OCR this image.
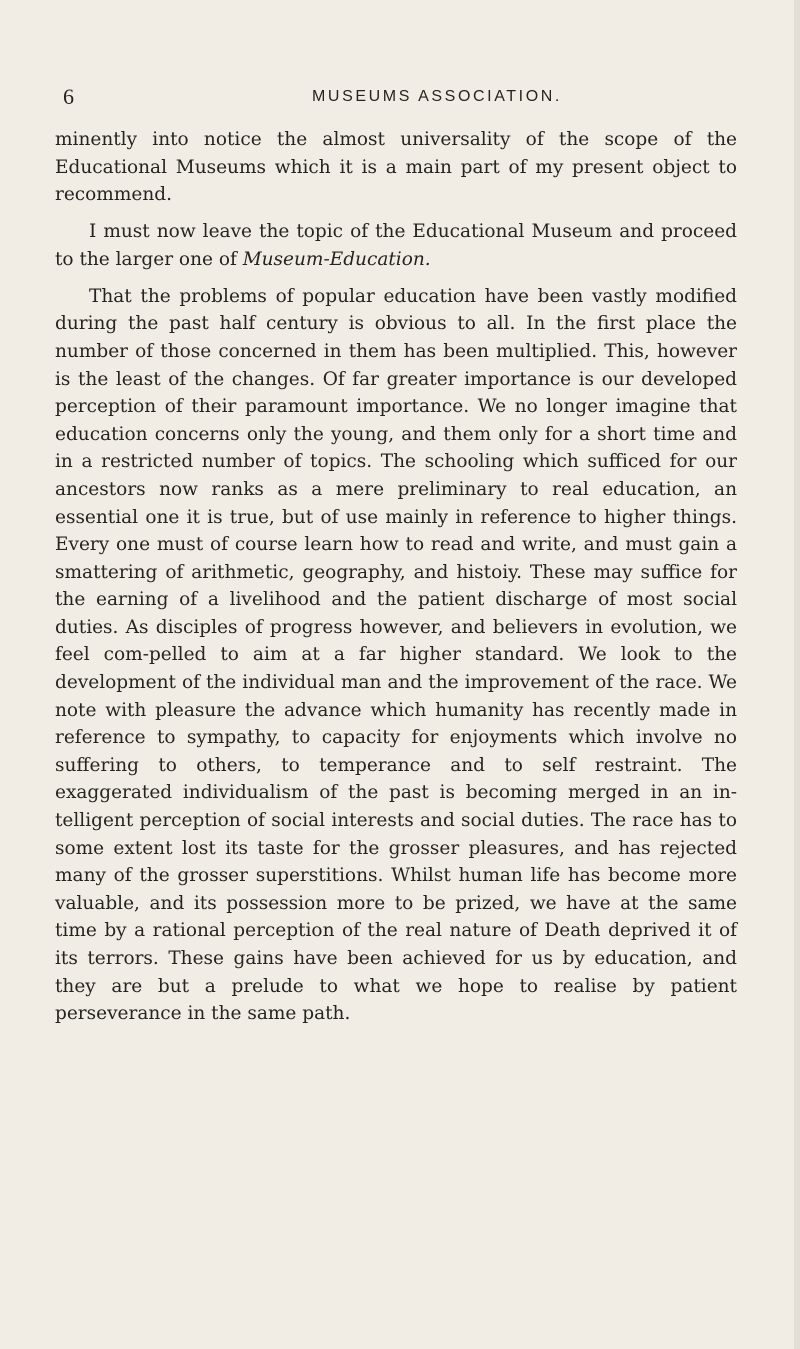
6	MUSEUMS ASSOCIATION.

minently into notice the almost universality of the scope of the Educational Museums which it is a main part of my present object to recommend.

I must now leave the topic of the Educational Museum and proceed to the larger one of Museum-Education.

That the problems of popular education have been vastly modified during the past half century is obvious to all. In the first place the number of those concerned in them has been multiplied. This, however is the least of the changes. Of far greater importance is our developed perception of their paramount importance. We no longer imagine that education concerns only the young, and them only for a short time and in a restricted number of topics. The schooling which sufficed for our ancestors now ranks as a mere preliminary to real education, an essential one it is true, but of use mainly in reference to higher things. Every one must of course learn how to read and write, and must gain a smattering of arithmetic, geography, and histoiy. These may suffice for the earning of a livelihood and the patient discharge of most social duties. As disciples of progress however, and believers in evolution, we feel com-pelled to aim at a far higher standard. We look to the development of the individual man and the improvement of the race. We note with pleasure the advance which humanity has recently made in reference to sympathy, to capacity for enjoyments which involve no suffering to others, to temperance and to self restraint. The exaggerated individualism of the past is becoming merged in an in-telligent perception of social interests and social duties. The race has to some extent lost its taste for the grosser pleasures, and has rejected many of the grosser superstitions. Whilst human life has become more valuable, and its possession more to be prized, we have at the same time by a rational perception of the real nature of Death deprived it of its terrors. These gains have been achieved for us by education, and they are but a prelude to what we hope to realise by patient perseverance in the same path.
